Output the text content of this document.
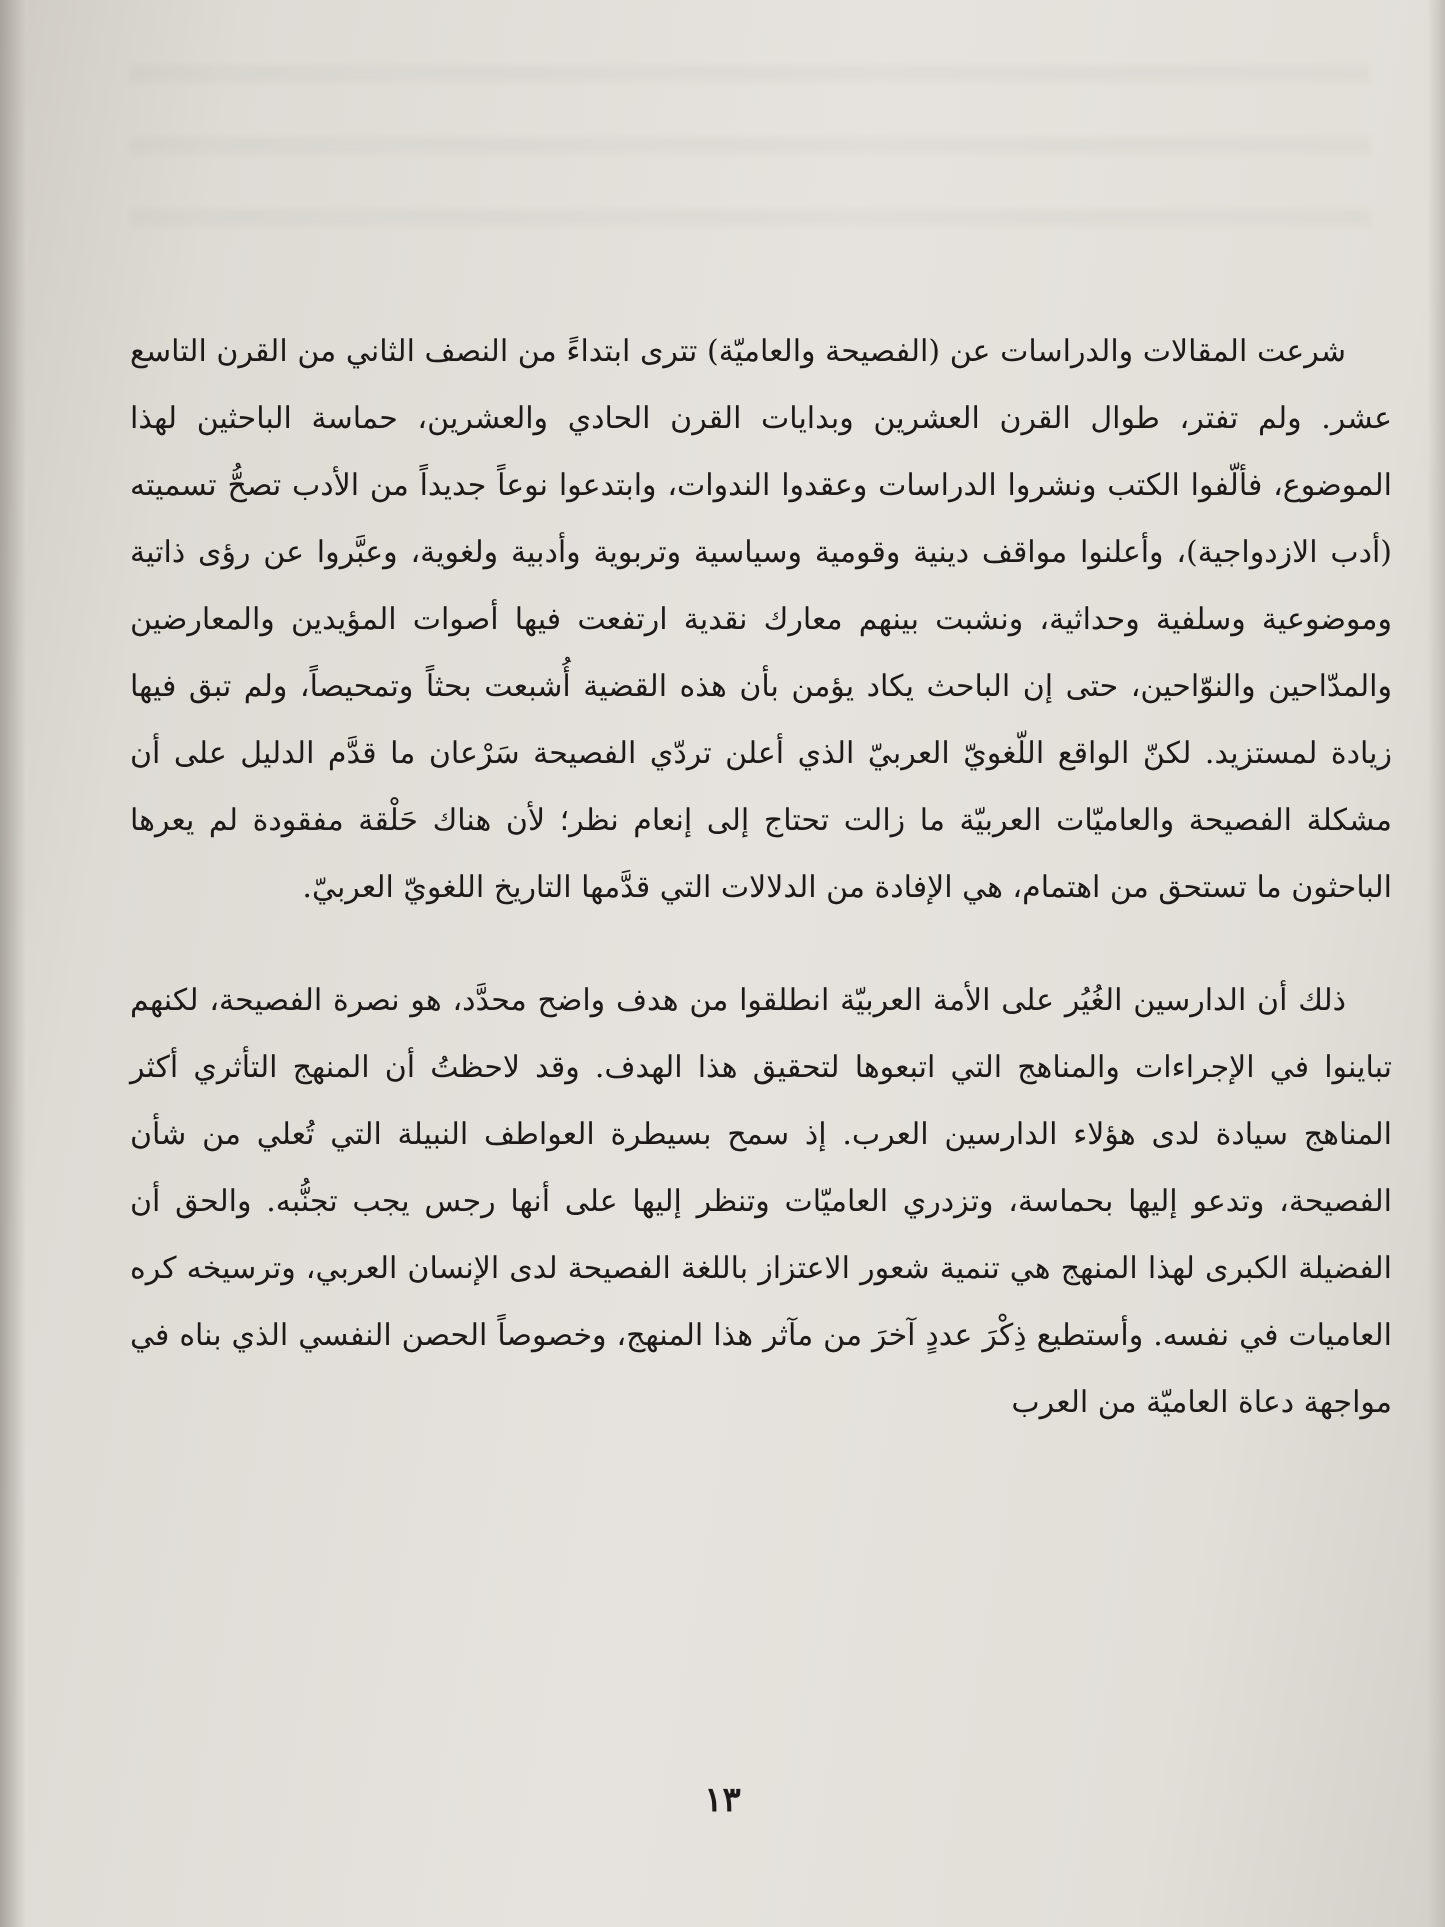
شرعت المقالات والدراسات عن (الفصيحة والعاميّة) تترى ابتداءً من النصف الثاني من القرن التاسع عشر. ولم تفتر، طوال القرن العشرين وبدايات القرن الحادي والعشرين، حماسة الباحثين لهذا الموضوع، فألّفوا الكتب ونشروا الدراسات وعقدوا الندوات، وابتدعوا نوعاً جديداً من الأدب تصحُّ تسميته (أدب الازدواجية)، وأعلنوا مواقف دينية وقومية وسياسية وتربوية وأدبية ولغوية، وعبَّروا عن رؤى ذاتية وموضوعية وسلفية وحداثية، ونشبت بينهم معارك نقدية ارتفعت فيها أصوات المؤيدين والمعارضين والمدّاحين والنوّاحين، حتى إن الباحث يكاد يؤمن بأن هذه القضية أُشبعت بحثاً وتمحيصاً، ولم تبق فيها زيادة لمستزيد. لكنّ الواقع اللّغويّ العربيّ الذي أعلن تردّي الفصيحة سَرْعان ما قدَّم الدليل على أن مشكلة الفصيحة والعاميّات العربيّة ما زالت تحتاج إلى إنعام نظر؛ لأن هناك حَلْقة مفقودة لم يعرها الباحثون ما تستحق من اهتمام، هي الإفادة من الدلالات التي قدَّمها التاريخ اللغويّ العربيّ.

ذلك أن الدارسين الغُيُر على الأمة العربيّة انطلقوا من هدف واضح محدَّد، هو نصرة الفصيحة، لكنهم تباينوا في الإجراءات والمناهج التي اتبعوها لتحقيق هذا الهدف. وقد لاحظتُ أن المنهج التأثري أكثر المناهج سيادة لدى هؤلاء الدارسين العرب. إذ سمح بسيطرة العواطف النبيلة التي تُعلي من شأن الفصيحة، وتدعو إليها بحماسة، وتزدري العاميّات وتنظر إليها على أنها رجس يجب تجنُّبه. والحق أن الفضيلة الكبرى لهذا المنهج هي تنمية شعور الاعتزاز باللغة الفصيحة لدى الإنسان العربي، وترسيخه كره العاميات في نفسه. وأستطيع ذِكْرَ عددٍ آخرَ من مآثر هذا المنهج، وخصوصاً الحصن النفسي الذي بناه في مواجهة دعاة العاميّة من العرب

١٣
